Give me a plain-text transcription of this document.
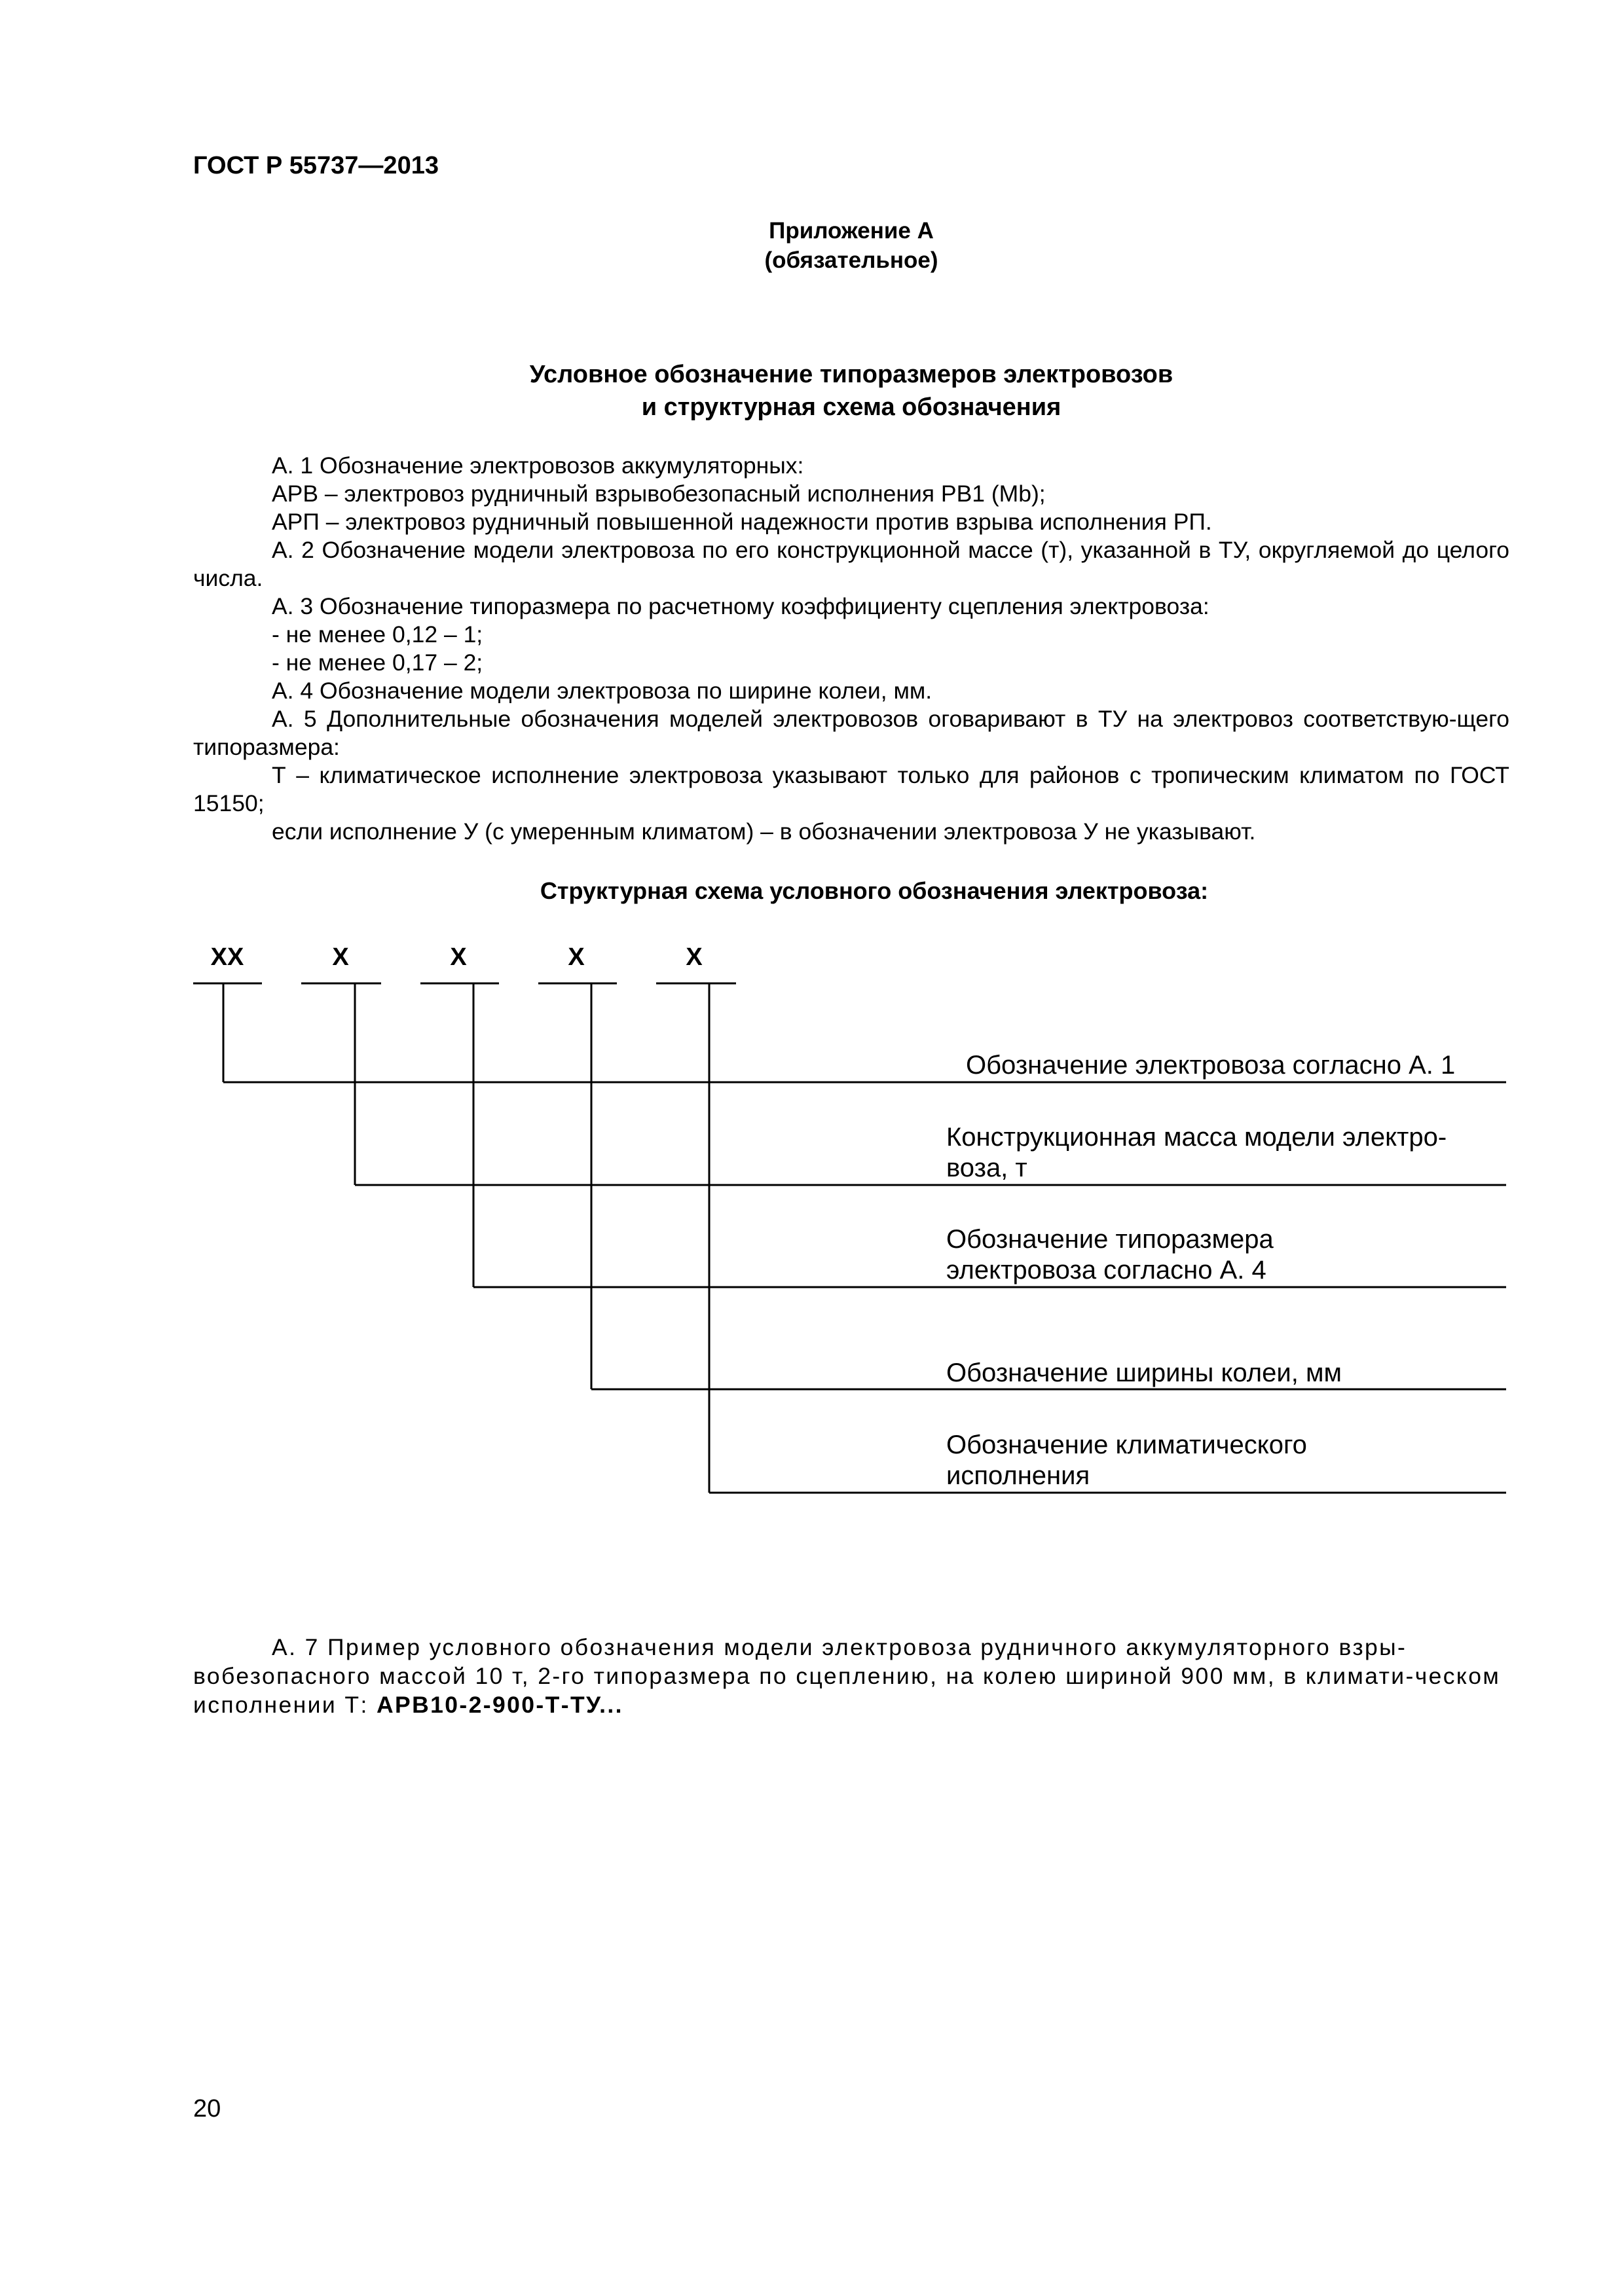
ГОСТ Р 55737—2013
Приложение А
(обязательное)
Условное обозначение типоразмеров электровозов
и структурная схема обозначения

А. 1 Обозначение электровозов аккумуляторных:

АРВ – электровоз рудничный взрывобезопасный исполнения РВ1 (Mb);

АРП – электровоз рудничный повышенной надежности против взрыва исполнения РП.

А. 2 Обозначение модели электровоза по его конструкционной массе (т), указанной в ТУ, округляемой до целого числа.

А. 3 Обозначение типоразмера по расчетному коэффициенту сцепления электровоза:

- не менее 0,12 – 1;

- не менее 0,17 – 2;

А. 4 Обозначение модели электровоза по ширине колеи, мм.

А. 5 Дополнительные обозначения моделей электровозов оговаривают в ТУ на электровоз соответствую-щего типоразмера:

Т – климатическое исполнение электровоза указывают только для районов с тропическим климатом по ГОСТ 15150;

если исполнение У (с умеренным климатом) – в обозначении электровоза У не указывают.

Структурная схема условного обозначения электровоза:
ХХ	Х	Х	Х	Х
Обозначение электровоза согласно А. 1
Конструкционная масса модели электро-
воза, т
Обозначение типоразмера
электровоза согласно А. 4
Обозначение ширины колеи, мм
Обозначение климатического
исполнения
А. 7 Пример условного обозначения модели электровоза рудничного аккумуляторного взры-вобезопасного массой 10 т, 2-го типоразмера по сцеплению, на колею шириной 900 мм, в климати-ческом исполнении Т: АРВ10-2-900-Т-ТУ...
20
